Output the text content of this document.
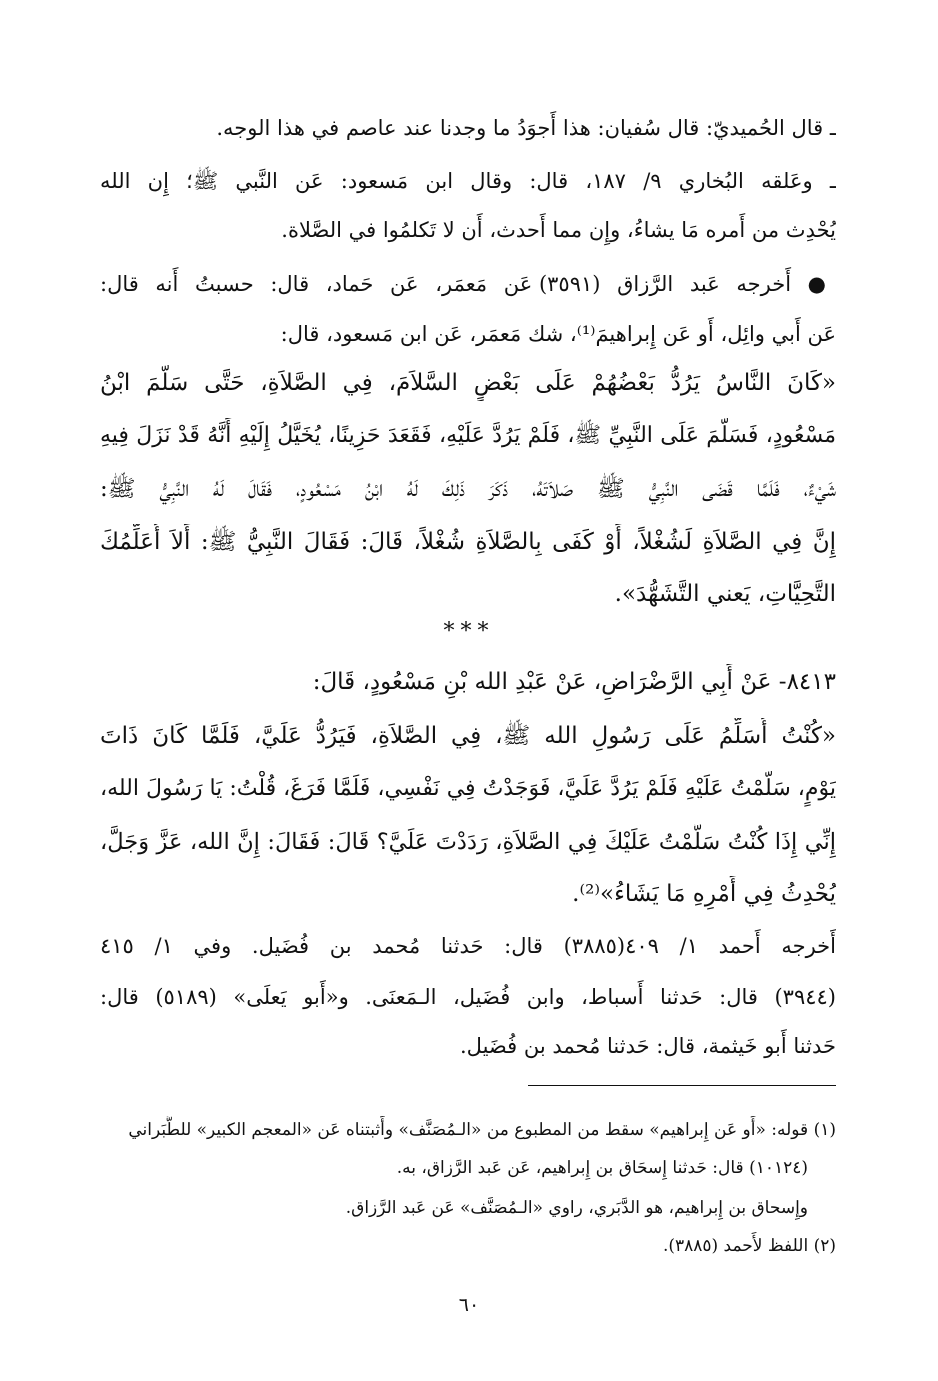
ـ قال الحُميديّ: قال سُفيان: هذا أَجوَدُ ما وجدنا عند عاصم في هذا الوجه.
ـ وعَلقه البُخاري ٩/ ١٨٧، قال: وقال ابن مَسعود: عَن النَّبي ﷺ؛ إِن الله
يُحْدِث من أَمره مَا يشاءُ، وإِن مما أَحدث، أَن لا تَكلمُوا في الصَّلاة.
● أَخرجه عَبد الرَّزاق (٣٥٩١) عَن مَعمَر، عَن حَماد، قال: حسبتُ أَنه قال:
عَن أَبي وائِل، أَو عَن إِبراهيمَ⁽¹⁾، شك مَعمَر، عَن ابن مَسعود، قال:
«كَانَ النَّاسُ يَرُدُّ بَعْضُهُمْ عَلَى بَعْضٍ السَّلاَمَ، فِي الصَّلاَةِ، حَتَّى سَلَّمَ ابْنُ
مَسْعُودٍ، فَسَلَّمَ عَلَى النَّبِيِّ ﷺ، فَلَمْ يَرُدَّ عَلَيْهِ، فَقَعَدَ حَزِينًا، يُخَيَّلُ إِلَيْهِ أَنَّهُ قَدْ نَزَلَ فِيهِ
شَيْءٌ، فَلَمَّا قَضَى النَّبِيُّ ﷺ صَلاَتَهُ، ذَكَرَ ذَلِكَ لَهُ ابْنُ مَسْعُودٍ، فَقَالَ لَهُ النَّبِيُّ ﷺ:
إِنَّ فِي الصَّلاَةِ لَشُغْلاً، أَوْ كَفَى بِالصَّلاَةِ شُغْلاً، قَالَ: فَقَالَ النَّبِيُّ ﷺ: أَلاَ أُعَلِّمُكَ
التَّحِيَّاتِ، يَعني التَّشَهُّدَ».
***
٨٤١٣- عَنْ أَبِي الرَّضْرَاضِ، عَنْ عَبْدِ الله بْنِ مَسْعُودٍ، قَالَ:
«كُنْتُ أُسَلِّمُ عَلَى رَسُولِ الله ﷺ، فِي الصَّلاَةِ، فَيَرُدُّ عَلَيَّ، فَلَمَّا كَانَ ذَاتَ
يَوْمٍ، سَلَّمْتُ عَلَيْهِ فَلَمْ يَرُدَّ عَلَيَّ، فَوَجَدْتُ فِي نَفْسِي، فَلَمَّا فَرَغَ، قُلْتُ: يَا رَسُولَ الله،
إِنِّي إِذَا كُنْتُ سَلَّمْتُ عَلَيْكَ فِي الصَّلاَةِ، رَدَدْتَ عَلَيَّ؟ قَالَ: فَقَالَ: إِنَّ الله، عَزَّ وَجَلَّ،
يُحْدِثُ فِي أَمْرِهِ مَا يَشَاءُ»⁽²⁾.
أَخرجه أَحمد ١/ ٤٠٩(٣٨٨٥) قال: حَدثنا مُحمد بن فُضَيل. وفي ١/ ٤١٥
(٣٩٤٤) قال: حَدثنا أَسباط، وابن فُضَيل، الـمَعنَى. و«أَبو يَعلَى» (٥١٨٩) قال:
حَدثنا أَبو خَيثمة، قال: حَدثنا مُحمد بن فُضَيل.
(١) قوله: «أَو عَن إِبراهيم» سقط من المطبوع من «الـمُصَنَّف» وأَثبتناه عَن «المعجم الكبير» للطَّبَراني
(١٠١٢٤) قال: حَدثنا إِسحَاق بن إِبراهيم، عَن عَبد الرَّزاق، به.
وإِسحاق بن إِبراهيم، هو الدَّبَري، راوي «الـمُصَنَّف» عَن عَبد الرَّزاق.
(٢) اللفظ لأَحمد (٣٨٨٥).
٦٠
